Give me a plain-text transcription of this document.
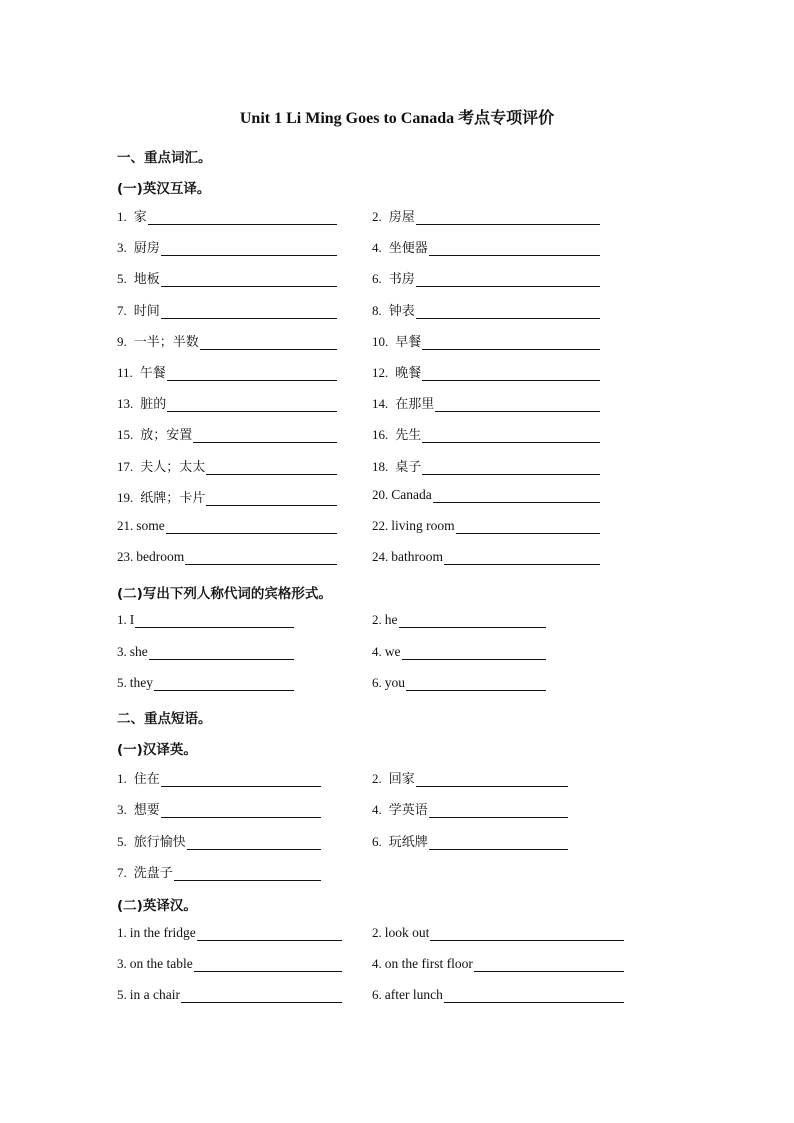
Unit 1 Li Ming Goes to Canada 考点专项评价
一、重点词汇。
(一)英汉互译。
1. 家	2. 房屋
3. 厨房	4. 坐便器
5. 地板	6. 书房
7. 时间	8. 钟表
9. 一半；半数	10. 早餐
11. 午餐	12. 晚餐
13. 脏的	14. 在那里
15. 放；安置	16. 先生
17. 夫人；太太	18. 桌子
19. 纸牌；卡片	20. Canada
21. some	22. living room
23. bedroom	24. bathroom
(二)写出下列人称代词的宾格形式。
1. I	2. he
3. she	4. we
5. they	6. you
二、重点短语。
(一)汉译英。
1. 住在	2. 回家
3. 想要	4. 学英语
5. 旅行愉快	6. 玩纸牌
7. 洗盘子
(二)英译汉。
1. in the fridge	2. look out
3. on the table	4. on the first floor
5. in a chair	6. after lunch
